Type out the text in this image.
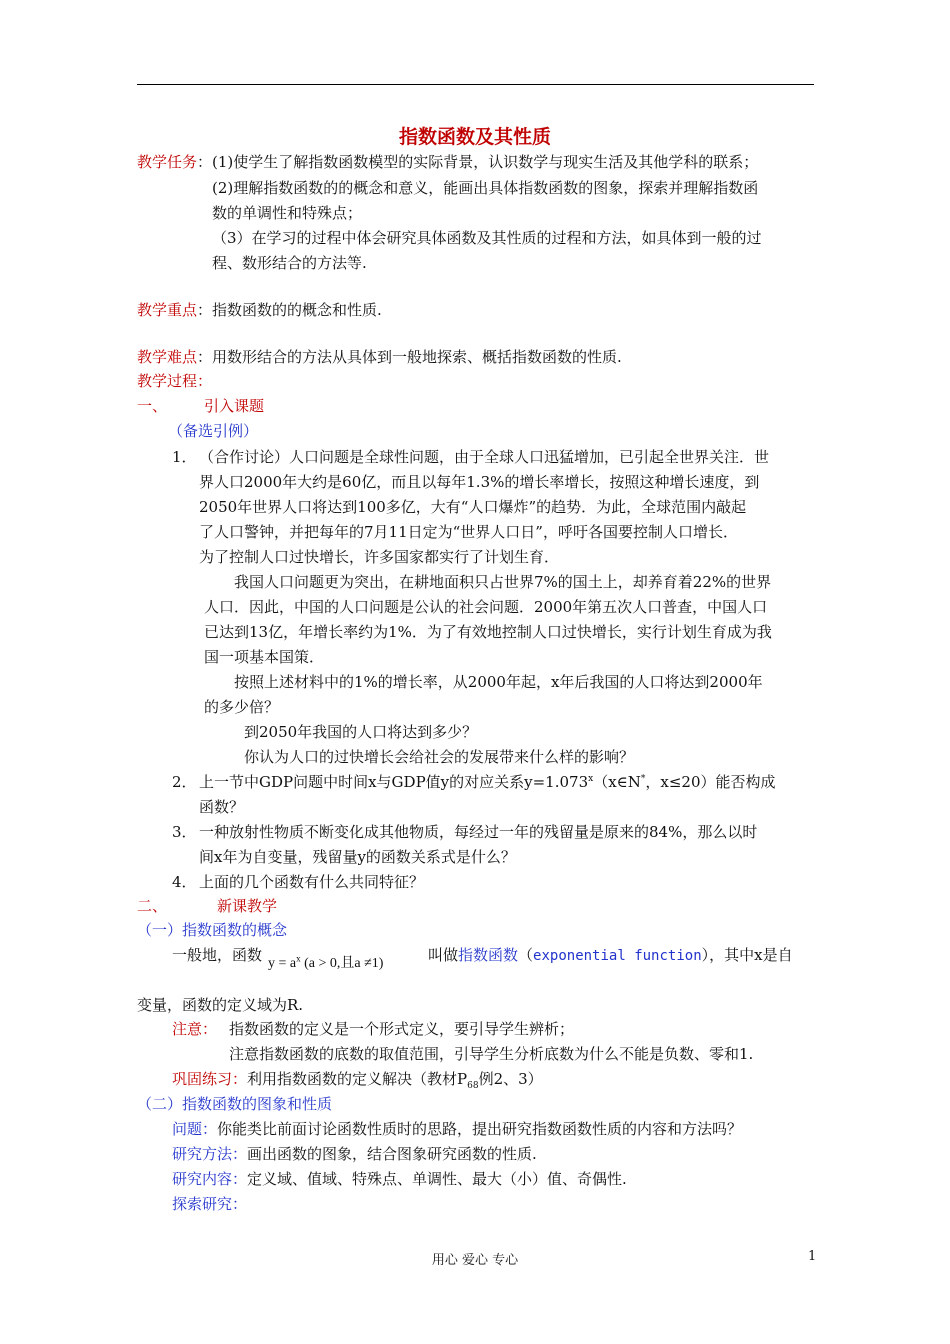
指数函数及其性质
教学任务：(1)使学生了解指数函数模型的实际背景，认识数学与现实生活及其他学科的联系；
(2)理解指数函数的的概念和意义，能画出具体指数函数的图象，探索并理解指数函
数的单调性和特殊点；
（3）在学习的过程中体会研究具体函数及其性质的过程和方法，如具体到一般的过
程、数形结合的方法等.
教学重点：指数函数的的概念和性质.
教学难点：用数形结合的方法从具体到一般地探索、概括指数函数的性质.
教学过程：
一、 引入课题
（备选引例）
1． （合作讨论）人口问题是全球性问题，由于全球人口迅猛增加，已引起全世界关注．世
界人口2000年大约是60亿，而且以每年1.3%的增长率增长，按照这种增长速度，到
2050年世界人口将达到100多亿，大有“人口爆炸”的趋势．为此，全球范围内敲起
了人口警钟，并把每年的7月11日定为“世界人口日”，呼吁各国要控制人口增长．
为了控制人口过快增长，许多国家都实行了计划生育．
我国人口问题更为突出，在耕地面积只占世界7%的国土上，却养育着22%的世界
人口．因此，中国的人口问题是公认的社会问题．2000年第五次人口普查，中国人口
已达到13亿，年增长率约为1%．为了有效地控制人口过快增长，实行计划生育成为我
国一项基本国策．
按照上述材料中的1%的增长率，从2000年起，x年后我国的人口将达到2000年
的多少倍？
到2050年我国的人口将达到多少？
你认为人口的过快增长会给社会的发展带来什么样的影响？
2． 上一节中GDP问题中时间x与GDP值y的对应关系$y=1.073^x(x\in N^*$，x≤20）能否构成
函数？
3． 一种放射性物质不断变化成其他物质，每经过一年的残留量是原来的84%，那么以时
间x年为自变量，残留量y的函数关系式是什么？
4． 上面的几个函数有什么共同特征？
二、	新课教学
（一）指数函数的概念
一般地，函数 $y = a^x$ (a > 0,且a ≠1)	叫做指数函数（exponential function），其中x是自
变量，函数的定义域为R.
注意： 指数函数的定义是一个形式定义，要引导学生辨析；
注意指数函数的底数的取值范围，引导学生分析底数为什么不能是负数、零和1.
巩固练习：利用指数函数的定义解决（教材$P_{68}$例2、3）
（二）指数函数的图象和性质
问题：你能类比前面讨论函数性质时的思路，提出研究指数函数性质的内容和方法吗？
研究方法：画出函数的图象，结合图象研究函数的性质.
研究内容：定义域、值域、特殊点、单调性、最大（小）值、奇偶性.
探索研究：
用心 爱心 专心	1
